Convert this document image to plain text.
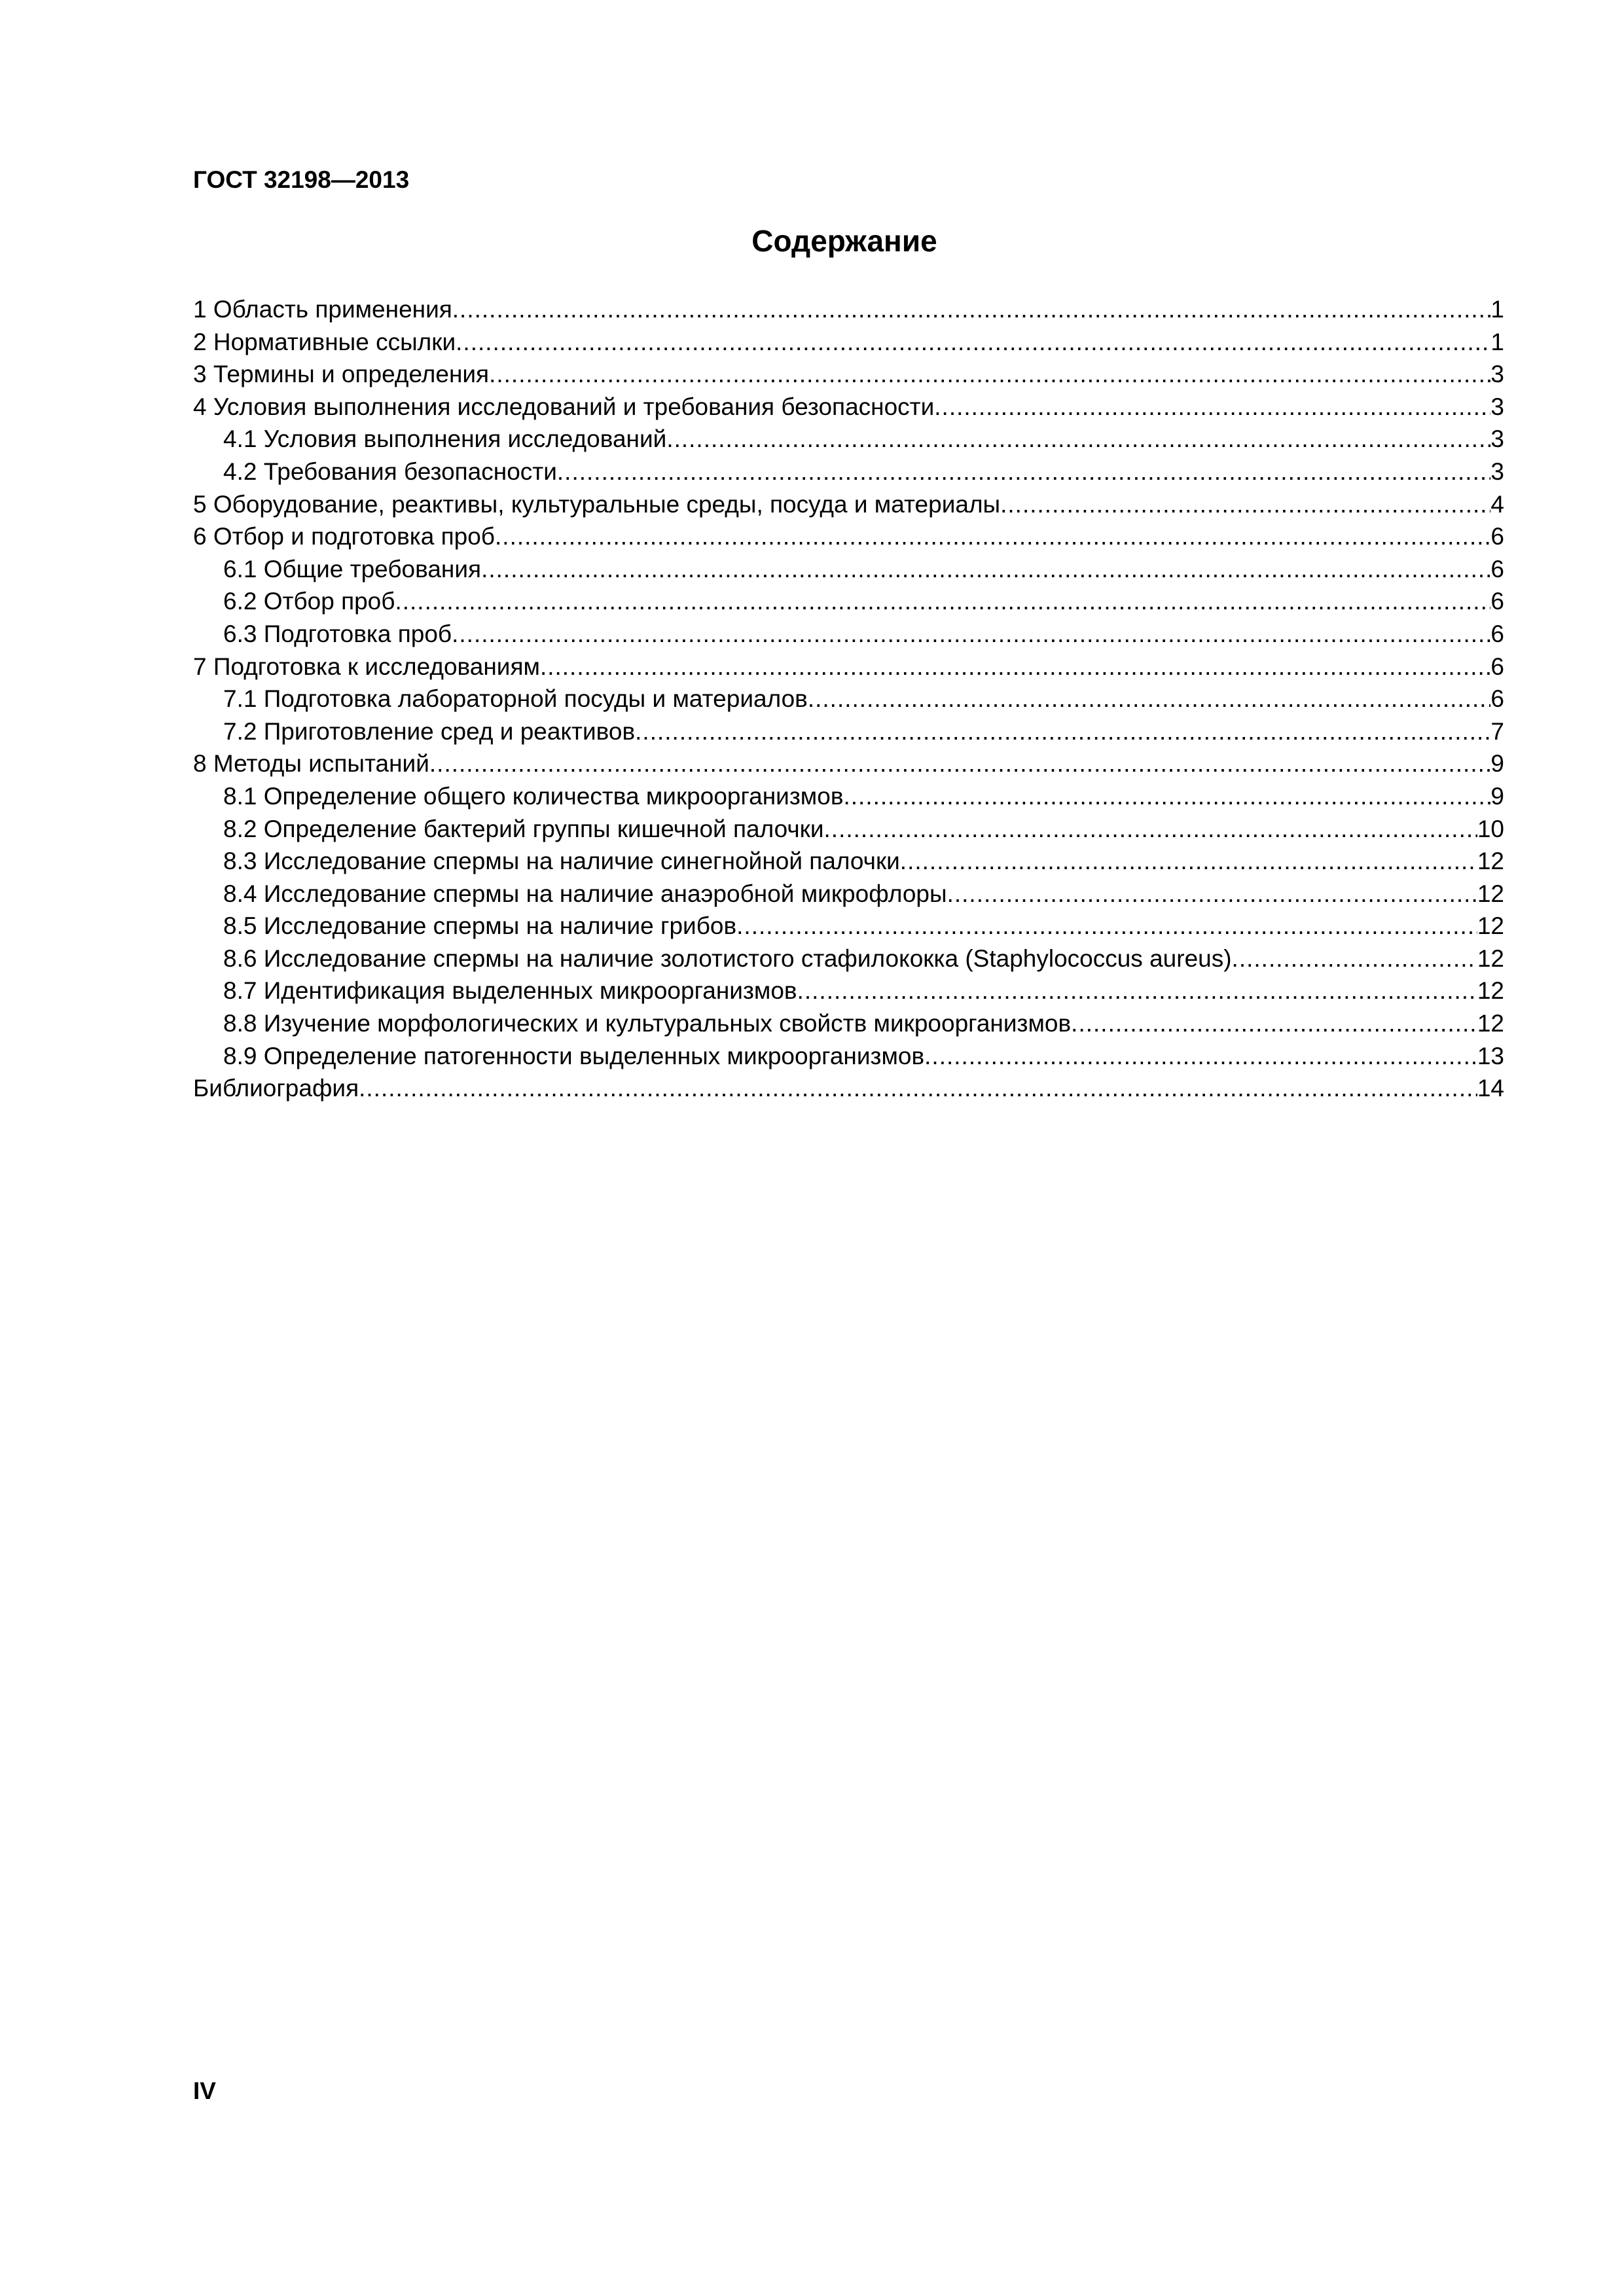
ГОСТ 32198—2013
Содержание
1 Область применения .....	1
2 Нормативные ссылки .....	1
3 Термины и определения .....	3
4 Условия выполнения исследований и требования безопасности .....	3
4.1 Условия выполнения исследований .....	3
4.2 Требования безопасности .....	3
5 Оборудование, реактивы, культуральные среды, посуда и материалы .....	4
6 Отбор и подготовка проб .....	6
6.1 Общие требования .....	6
6.2 Отбор проб .....	6
6.3 Подготовка проб .....	6
7 Подготовка к исследованиям .....	6
7.1 Подготовка лабораторной посуды и материалов .....	6
7.2 Приготовление сред и реактивов .....	7
8 Методы испытаний .....	9
8.1 Определение общего количества микроорганизмов .....	9
8.2 Определение бактерий группы кишечной палочки .....	10
8.3 Исследование спермы на наличие синегнойной палочки .....	12
8.4 Исследование спермы на наличие анаэробной микрофлоры .....	12
8.5 Исследование спермы на наличие грибов .....	12
8.6 Исследование спермы на наличие золотистого стафилококка (Staphylococcus aureus) .....	12
8.7 Идентификация выделенных микроорганизмов .....	12
8.8 Изучение морфологических и культуральных свойств микроорганизмов .....	12
8.9 Определение патогенности выделенных микроорганизмов .....	13
Библиография .....	14
IV
